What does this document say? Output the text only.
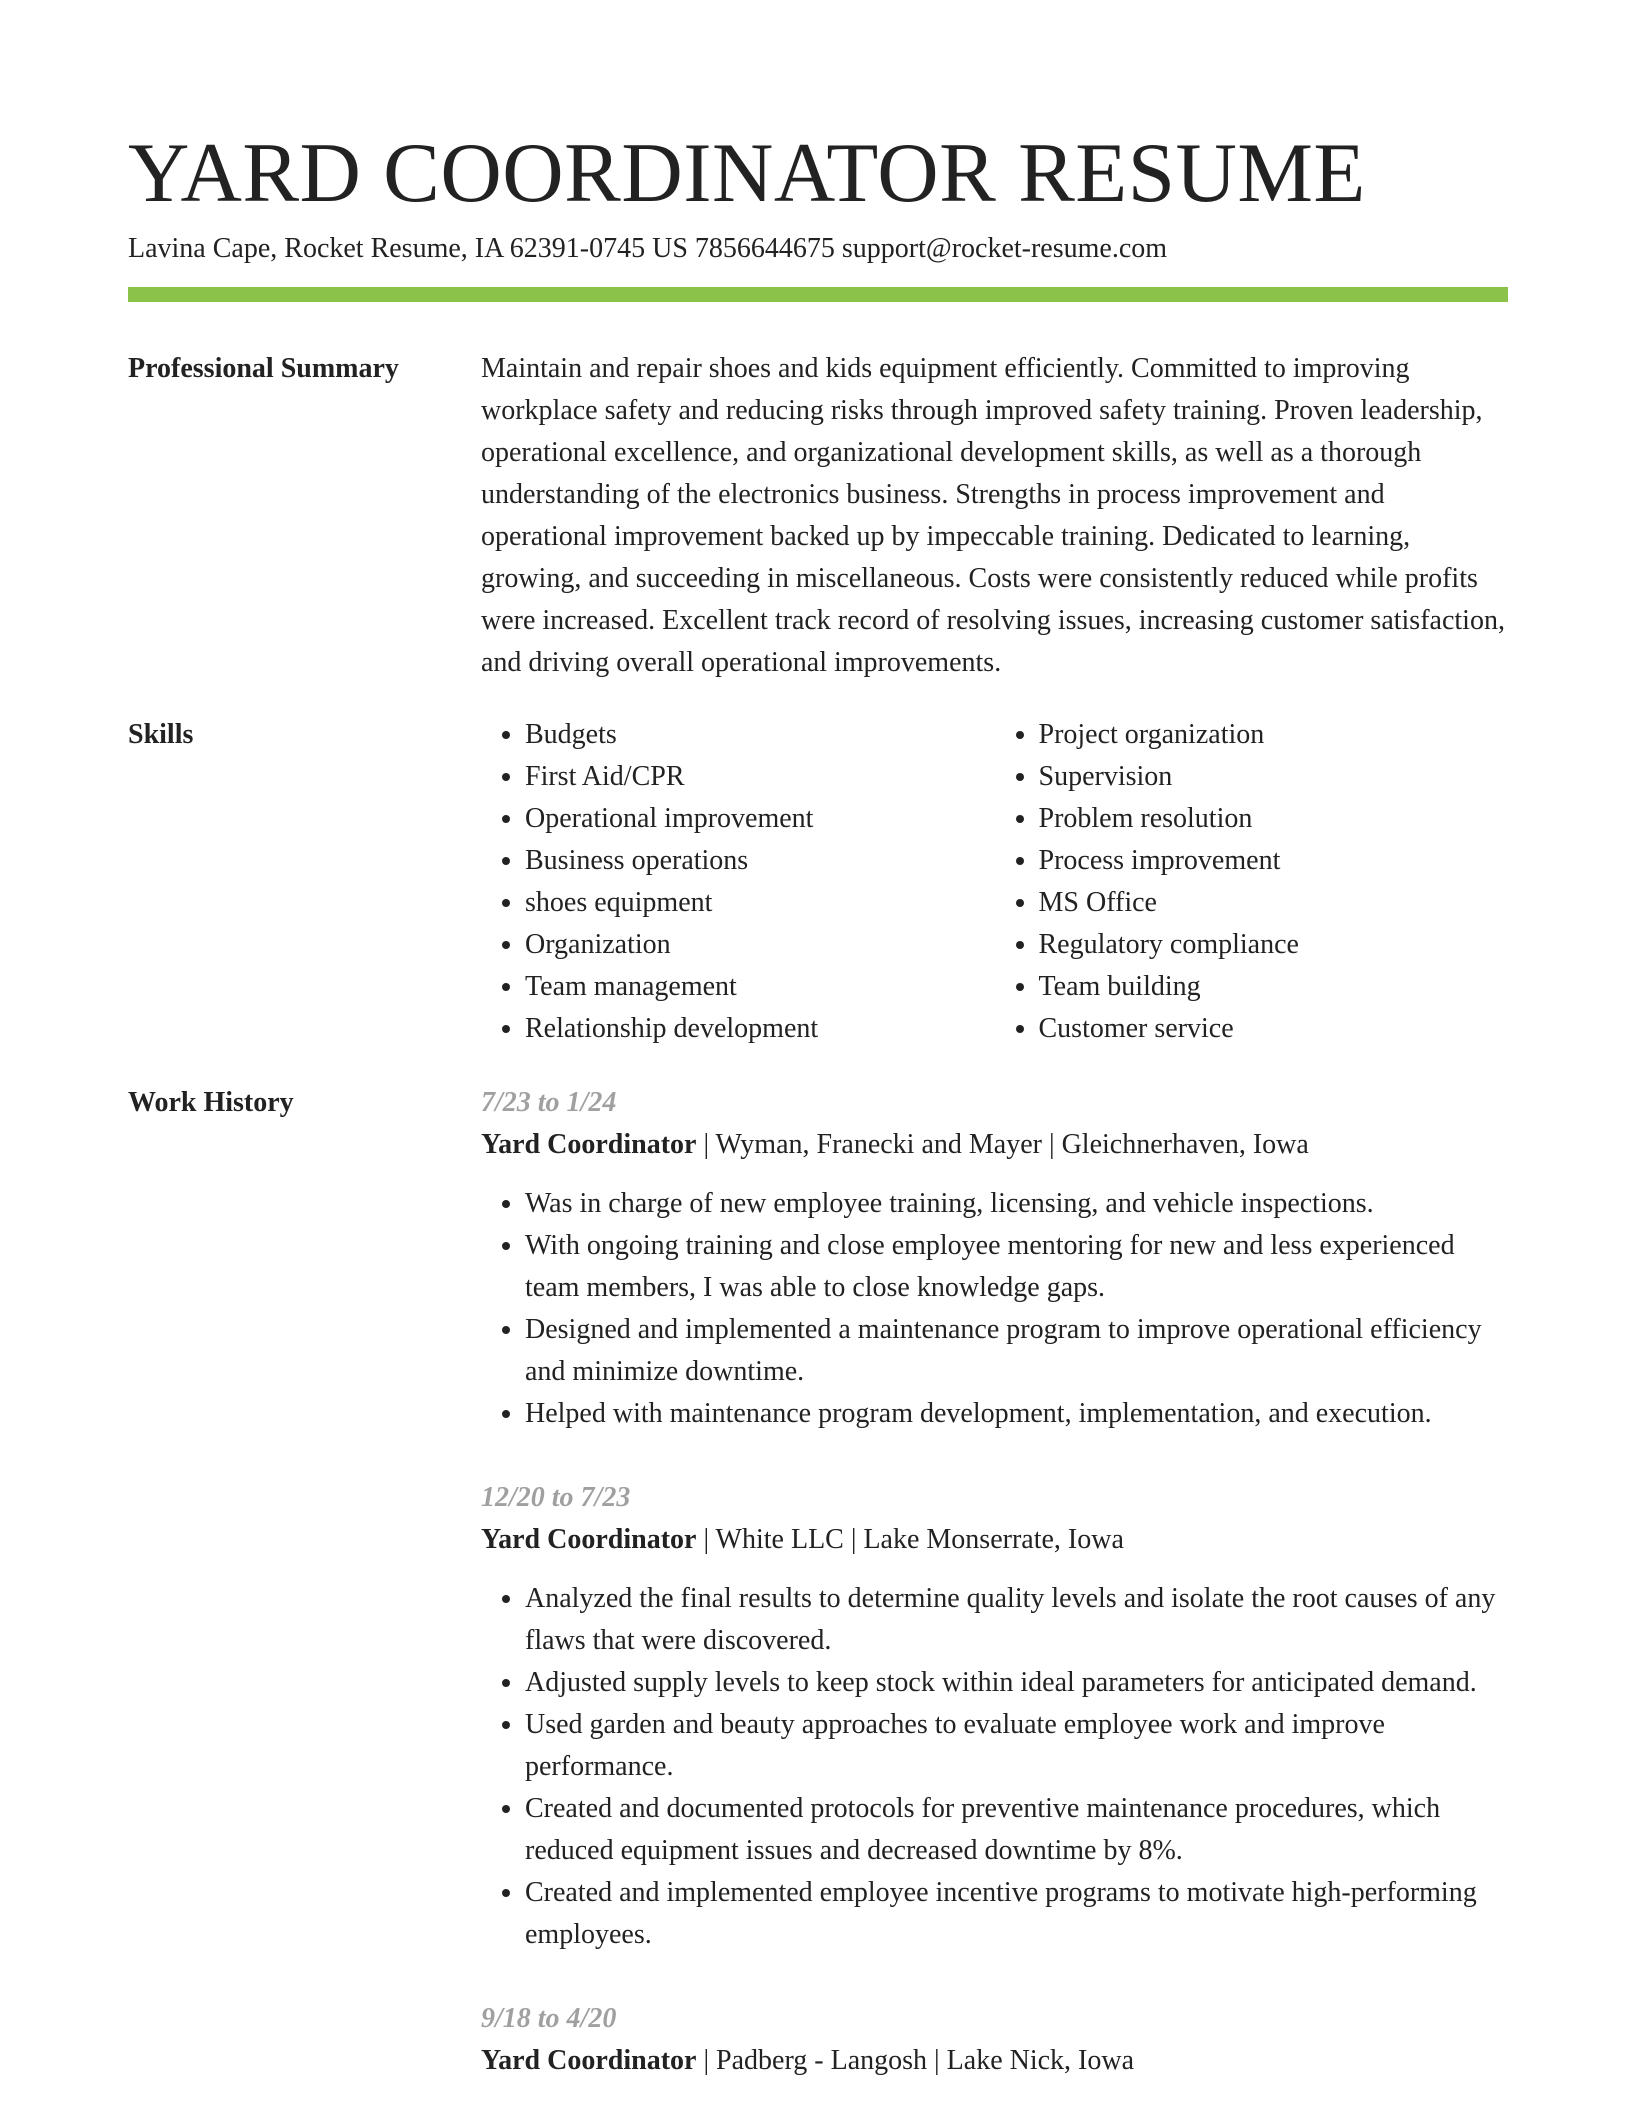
YARD COORDINATOR RESUME
Lavina Cape, Rocket Resume, IA 62391-0745 US 7856644675 support@rocket-resume.com
Professional Summary	Maintain and repair shoes and kids equipment efficiently. Committed to improving workplace safety and reducing risks through improved safety training. Proven leadership, operational excellence, and organizational development skills, as well as a thorough understanding of the electronics business. Strengths in process improvement and operational improvement backed up by impeccable training. Dedicated to learning, growing, and succeeding in miscellaneous. Costs were consistently reduced while profits were increased. Excellent track record of resolving issues, increasing customer satisfaction, and driving overall operational improvements.

Skills
•	Budgets
• First Aid/CPR
• Operational improvement
• Business operations
• shoes equipment
• Organization
• Team management
• Relationship development
• Project organization
• Supervision
• Problem resolution
• Process improvement
• MS Office
• Regulatory compliance
• Team building
• Customer service
Work History	7/23 to 1/24
Yard Coordinator | Wyman, Franecki and Mayer | Gleichnerhaven, Iowa
• Was in charge of new employee training, licensing, and vehicle inspections.
• With ongoing training and close employee mentoring for new and less experienced team members, I was able to close knowledge gaps.
• Designed and implemented a maintenance program to improve operational efficiency and minimize downtime.
• Helped with maintenance program development, implementation, and execution.
12/20 to 7/23
Yard Coordinator | White LLC | Lake Monserrate, Iowa
• Analyzed the final results to determine quality levels and isolate the root causes of any flaws that were discovered.
• Adjusted supply levels to keep stock within ideal parameters for anticipated demand.
• Used garden and beauty approaches to evaluate employee work and improve performance.
• Created and documented protocols for preventive maintenance procedures, which reduced equipment issues and decreased downtime by 8%.
• Created and implemented employee incentive programs to motivate high-performing employees.
9/18 to 4/20
Yard Coordinator | Padberg - Langosh | Lake Nick, Iowa
